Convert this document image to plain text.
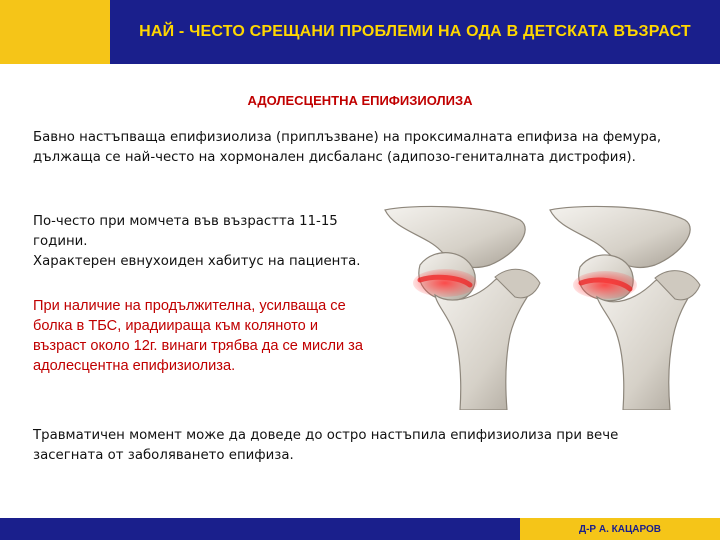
НАЙ - ЧЕСТО СРЕЩАНИ ПРОБЛЕМИ НА ОДА В ДЕТСКАТА ВЪЗРАСТ
АДОЛЕСЦЕНТНА ЕПИФИЗИОЛИЗА

Бавно настъпваща епифизиолиза (приплъзване) на проксималната епифиза на фемура, дължаща се най-често на хормонален дисбаланс (адипозо-гениталната дистрофия).

По-често при момчета във възрастта 11-15 години.
Характерен евнухоиден хабитус на пациента.

При наличие на продължителна, усилваща се болка в ТБС, ирадиираща към коляното и възраст около 12г. винаги трябва да се мисли за адолесцентна епифизиолиза.

Травматичен момент може да доведе до остро настъпила епифизиолиза при вече засегната от заболяването епифиза.

Д-Р А. КАЦАРОВ
